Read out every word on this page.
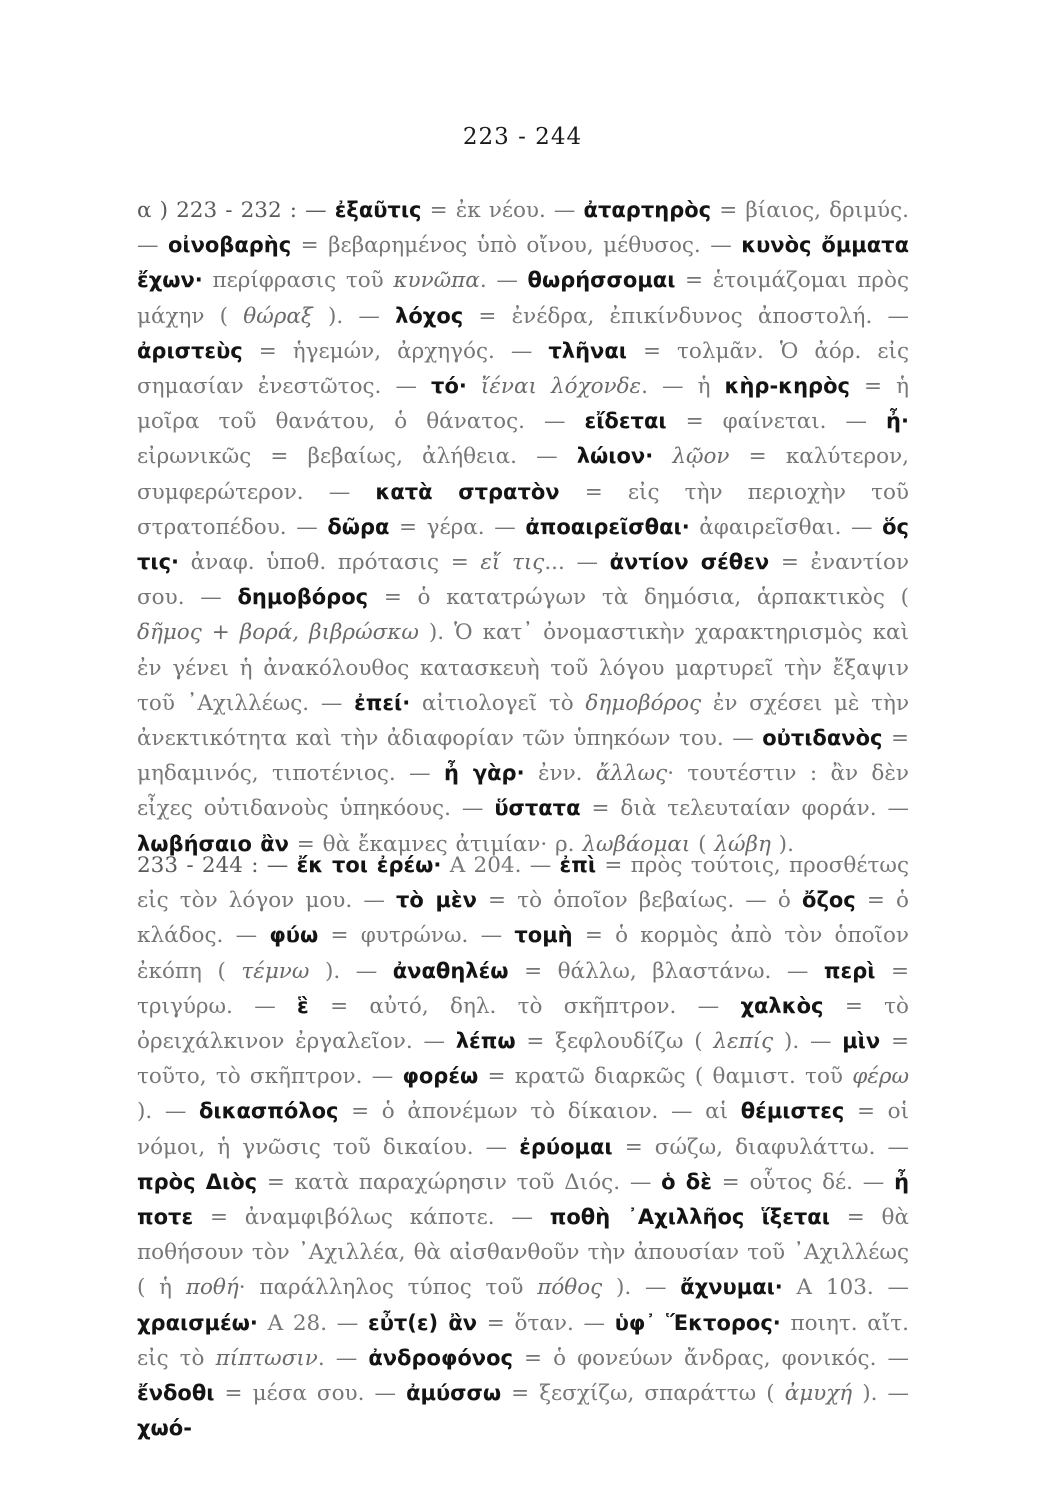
223 - 244

α ) 223 - 232 : — ἐξαῦτις = ἐκ νέου. — ἀταρτηρὸς = βίαιος, δριμύς. — οἰνοβαρὴς = βεβαρημένος ὑπὸ οἴνου, μέθυσος. — κυνὸς ὄμματα ἔχων· περίφρασις τοῦ κυνῶπα. — θωρήσσομαι = ἑτοιμάζομαι πρὸς μάχην ( θώραξ ). — λόχος = ἐνέδρα, ἐπικίνδυνος ἀποστολή. — ἀριστεὺς = ἡγεμών, ἀρχηγός. — τλῆναι = τολμᾶν. Ὁ ἀόρ. εἰς σημασίαν ἐνεστῶτος. — τό· ἴέναι λόχονδε. — ἡ κὴρ-κηρὸς = ἡ μοῖρα τοῦ θανάτου, ὁ θάνατος. — εἴδεται = φαίνεται. — ἦ· εἰρωνικῶς = βεβαίως, ἀλήθεια. — λώιον· λῷον = καλύτερον, συμφερώτερον. — κατὰ στρατὸν = εἰς τὴν περιοχὴν τοῦ στρατοπέδου. — δῶρα = γέρα. — ἀποαιρεῖσθαι· ἀφαιρεῖσθαι. — ὅς τις· ἀναφ. ὑποθ. πρότασις = εἴ τις... — ἀντίον σέθεν = ἐναντίον σου. — δημοβόρος = ὁ κατατρώγων τὰ δημόσια, ἁρπακτικὸς ( δῆμος + βορά, βιβρώσκω ). Ὁ κατ᾽ ὀνομαστικὴν χαρακτηρισμὸς καὶ ἐν γένει ἡ ἀνακόλουθος κατασκευὴ τοῦ λόγου μαρτυρεῖ τὴν ἔξαψιν τοῦ ᾽Αχιλλέως. — ἐπεί· αἰτιολογεῖ τὸ δημοβόρος ἐν σχέσει μὲ τὴν ἀνεκτικότητα καὶ τὴν ἀδιαφορίαν τῶν ὑπηκόων του. — οὐτιδανὸς = μηδαμινός, τιποτένιος. — ἦ γὰρ· ἐνν. ἄλλως· τουτέστιν : ἂν δὲν εἶχες οὐτιδανοὺς ὑπηκόους. — ὕστατα = διὰ τελευταίαν φοράν. — λωβήσαιο ἂν = θὰ ἔκαμνες ἀτιμίαν· ρ. λωβάομαι ( λώβη ).

233 - 244 : — ἔκ τοι ἐρέω· Α 204. — ἐπὶ = πρὸς τούτοις, προσθέτως εἰς τὸν λόγον μου. — τὸ μὲν = τὸ ὁποῖον βεβαίως. — ὁ ὄζος = ὁ κλάδος. — φύω = φυτρώνω. — τομὴ = ὁ κορμὸς ἀπὸ τὸν ὁποῖον ἐκόπη ( τέμνω ). — ἀναθηλέω = θάλλω, βλαστάνω. — περὶ = τριγύρω. — ἓ = αὐτό, δηλ. τὸ σκῆπτρον. — χαλκὸς = τὸ ὀρειχάλκινον ἐργαλεῖον. — λέπω = ξεφλουδίζω ( λεπίς ). — μὶν = τοῦτο, τὸ σκῆπτρον. — φορέω = κρατῶ διαρκῶς ( θαμιστ. τοῦ φέρω ). — δικασπόλος = ὁ ἀπονέμων τὸ δίκαιον. — αἱ θέμιστες = οἱ νόμοι, ἡ γνῶσις τοῦ δικαίου. — ἐρύομαι = σώζω, διαφυλάττω. — πρὸς Διὸς = κατὰ παραχώρησιν τοῦ Διός. — ὁ δὲ = οὗτος δέ. — ἦ ποτε = ἀναμφιβόλως κάποτε. — ποθὴ ᾽Αχιλλῆος ἵξεται = θὰ ποθήσουν τὸν ᾽Αχιλλέα, θὰ αἰσθανθοῦν τὴν ἀπουσίαν τοῦ ᾽Αχιλλέως ( ἡ ποθή· παράλληλος τύπος τοῦ πόθος ). — ἄχνυμαι· Α 103. — χραισμέω· Α 28. — εὖτ(ε) ἂν = ὅταν. — ὑφ᾽ Ἕκτορος· ποιητ. αἴτ. εἰς τὸ πίπτωσιν. — ἀνδροφόνος = ὁ φονεύων ἄνδρας, φονικός. — ἔνδοθι = μέσα σου. — ἀμύσσω = ξεσχίζω, σπαράττω ( ἀμυχή ). — χωό-
